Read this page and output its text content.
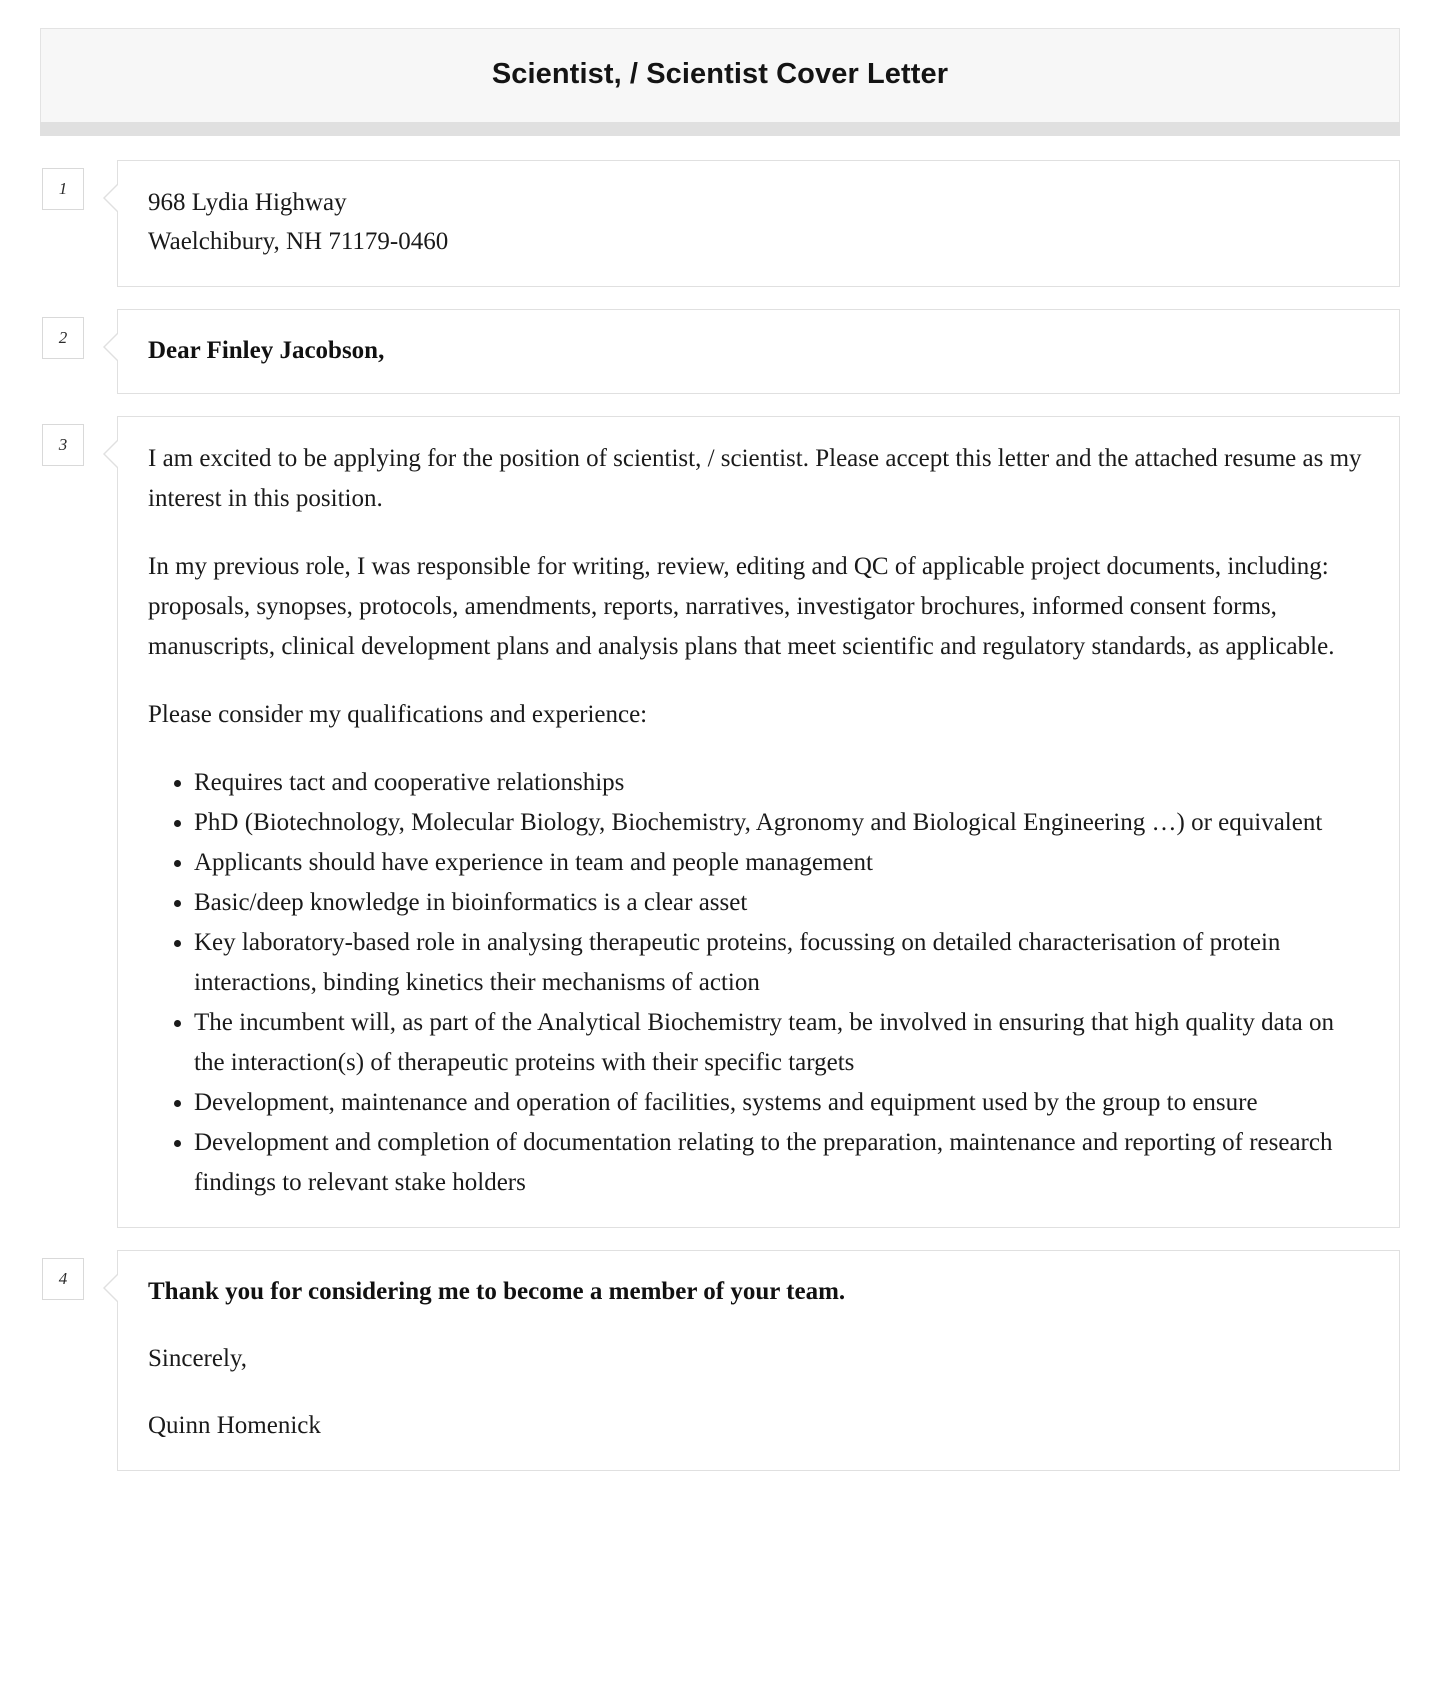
Scientist, / Scientist Cover Letter
1
968 Lydia Highway
Waelchibury, NH 71179-0460
2	Dear Finley Jacobson,
3

I am excited to be applying for the position of scientist, / scientist. Please accept this letter and the attached resume as my interest in this position.

In my previous role, I was responsible for writing, review, editing and QC of applicable project documents, including: proposals, synopses, protocols, amendments, reports, narratives, investigator brochures, informed consent forms, manuscripts, clinical development plans and analysis plans that meet scientific and regulatory standards, as applicable.

Please consider my qualifications and experience:

Requires tact and cooperative relationships
PhD (Biotechnology, Molecular Biology, Biochemistry, Agronomy and Biological Engineering …) or equivalent
Applicants should have experience in team and people management
Basic/deep knowledge in bioinformatics is a clear asset
Key laboratory-based role in analysing therapeutic proteins, focussing on detailed characterisation of protein interactions, binding kinetics their mechanisms of action
The incumbent will, as part of the Analytical Biochemistry team, be involved in ensuring that high quality data on the interaction(s) of therapeutic proteins with their specific targets
Development, maintenance and operation of facilities, systems and equipment used by the group to ensure
Development and completion of documentation relating to the preparation, maintenance and reporting of research findings to relevant stake holders
4	Thank you for considering me to become a member of your team.
Sincerely,
Quinn Homenick
